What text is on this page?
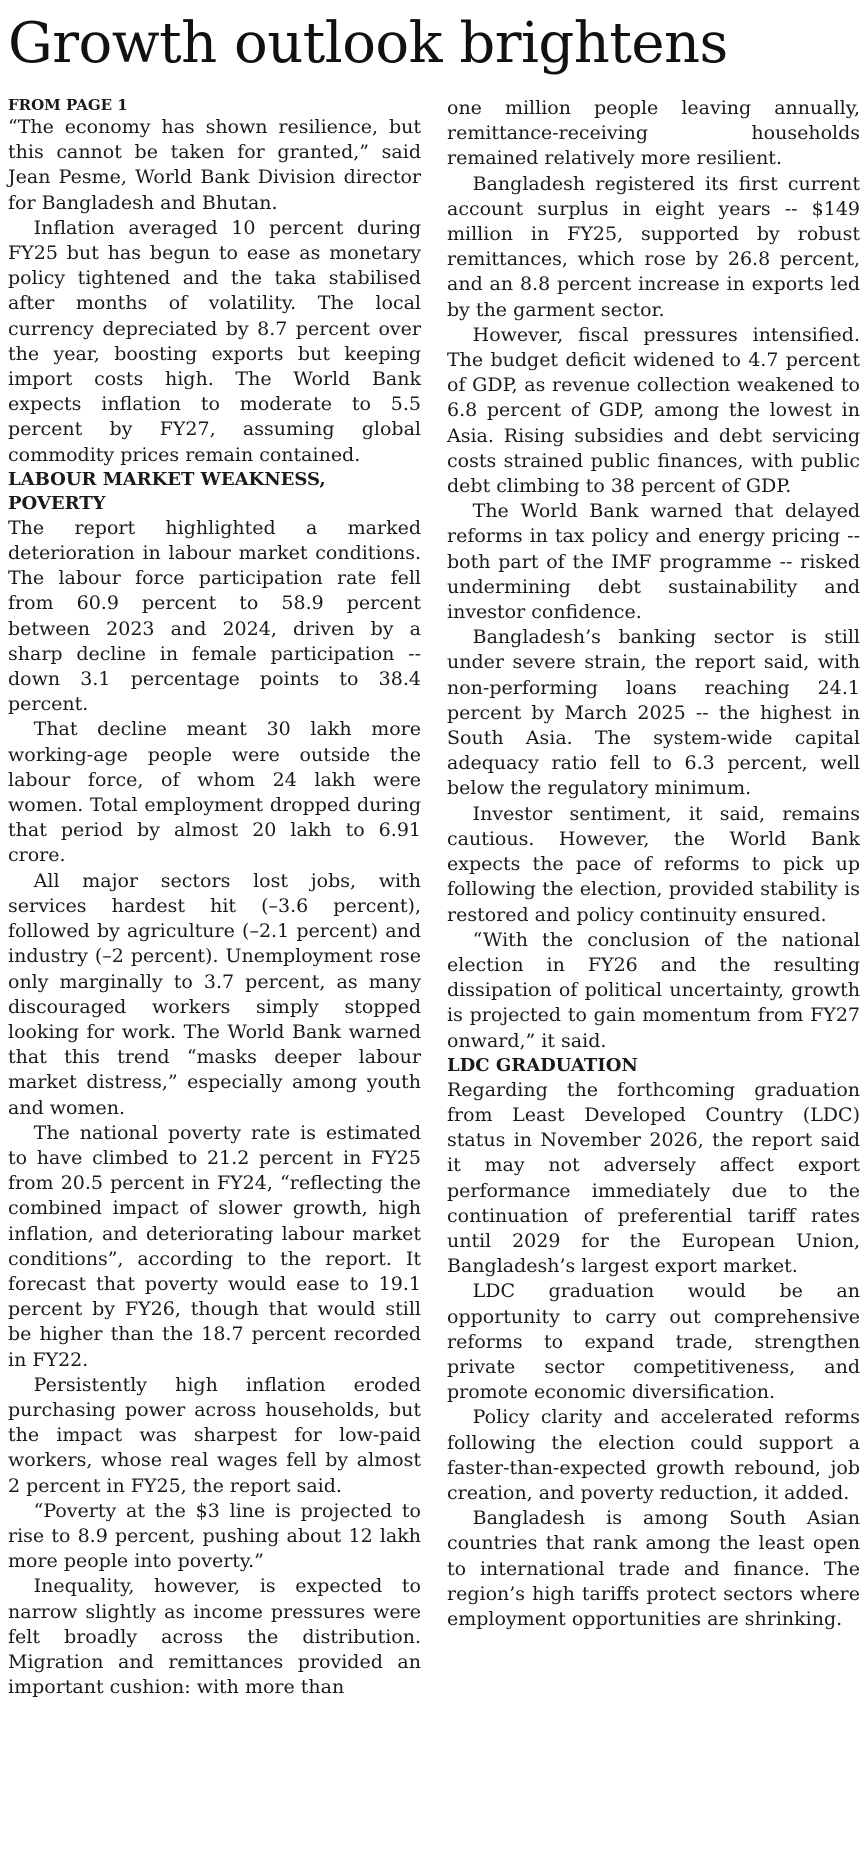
Growth outlook brightens
FROM PAGE 1

“The economy has shown resilience, but this cannot be taken for granted,” said Jean Pesme, World Bank Division director for Bangladesh and Bhutan.

Inflation averaged 10 percent during FY25 but has begun to ease as monetary policy tightened and the taka stabilised after months of volatility. The local currency depreciated by 8.7 percent over the year, boosting exports but keeping import costs high. The World Bank expects inflation to moderate to 5.5 percent by FY27, assuming global commodity prices remain contained.

LABOUR MARKET WEAKNESS, POVERTY

The report highlighted a marked deterioration in labour market conditions. The labour force participation rate fell from 60.9 percent to 58.9 percent between 2023 and 2024, driven by a sharp decline in female participation -- down 3.1 percentage points to 38.4 percent.

That decline meant 30 lakh more working-age people were outside the labour force, of whom 24 lakh were women. Total employment dropped during that period by almost 20 lakh to 6.91 crore.

All major sectors lost jobs, with services hardest hit (–3.6 percent), followed by agriculture (–2.1 percent) and industry (–2 percent). Unemployment rose only marginally to 3.7 percent, as many discouraged workers simply stopped looking for work. The World Bank warned that this trend “masks deeper labour market distress,” especially among youth and women.

The national poverty rate is estimated to have climbed to 21.2 percent in FY25 from 20.5 percent in FY24, “reflecting the combined impact of slower growth, high inflation, and deteriorating labour market conditions”, according to the report. It forecast that poverty would ease to 19.1 percent by FY26, though that would still be higher than the 18.7 percent recorded in FY22.

Persistently high inflation eroded purchasing power across households, but the impact was sharpest for low-paid workers, whose real wages fell by almost 2 percent in FY25, the report said.

“Poverty at the $3 line is projected to rise to 8.9 percent, pushing about 12 lakh more people into poverty.”

Inequality, however, is expected to narrow slightly as income pressures were felt broadly across the distribution. Migration and remittances provided an important cushion: with more than

one million people leaving annually, remittance-receiving households remained relatively more resilient.

Bangladesh registered its first current account surplus in eight years -- $149 million in FY25, supported by robust remittances, which rose by 26.8 percent, and an 8.8 percent increase in exports led by the garment sector.

However, fiscal pressures intensified. The budget deficit widened to 4.7 percent of GDP, as revenue collection weakened to 6.8 percent of GDP, among the lowest in Asia. Rising subsidies and debt servicing costs strained public finances, with public debt climbing to 38 percent of GDP.

The World Bank warned that delayed reforms in tax policy and energy pricing -- both part of the IMF programme -- risked undermining debt sustainability and investor confidence.

Bangladesh’s banking sector is still under severe strain, the report said, with non-performing loans reaching 24.1 percent by March 2025 -- the highest in South Asia. The system-wide capital adequacy ratio fell to 6.3 percent, well below the regulatory minimum.

Investor sentiment, it said, remains cautious. However, the World Bank expects the pace of reforms to pick up following the election, provided stability is restored and policy continuity ensured.

“With the conclusion of the national election in FY26 and the resulting dissipation of political uncertainty, growth is projected to gain momentum from FY27 onward,” it said.

LDC GRADUATION

Regarding the forthcoming graduation from Least Developed Country (LDC) status in November 2026, the report said it may not adversely affect export performance immediately due to the continuation of preferential tariff rates until 2029 for the European Union, Bangladesh’s largest export market.

LDC graduation would be an opportunity to carry out comprehensive reforms to expand trade, strengthen private sector competitiveness, and promote economic diversification.

Policy clarity and accelerated reforms following the election could support a faster-than-expected growth rebound, job creation, and poverty reduction, it added.

Bangladesh is among South Asian countries that rank among the least open to international trade and finance. The region’s high tariffs protect sectors where employment opportunities are shrinking.
